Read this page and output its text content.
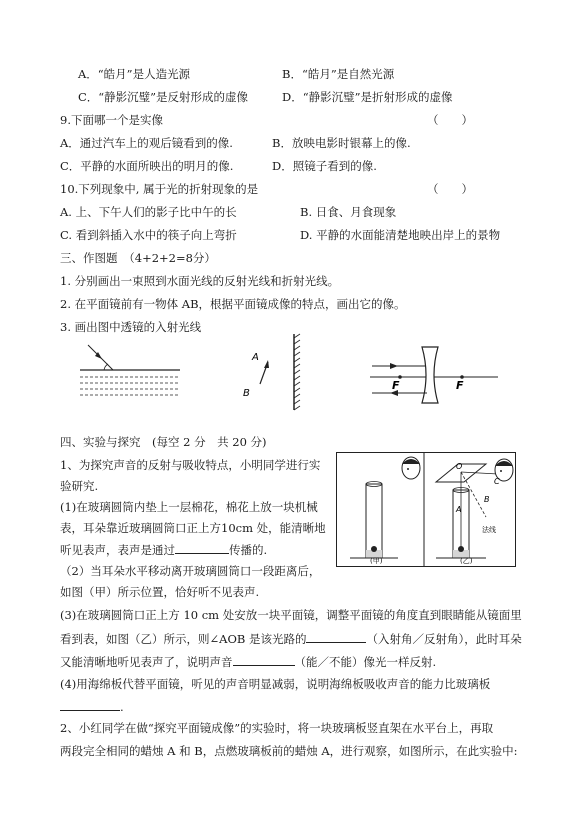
A．“皓月”是人造光源	B．“皓月”是自然光源
C．“静影沉璧”是反射形成的虚像	D．“静影沉璧”是折射形成的虚像
9.下面哪一个是实像	（　　）
A．通过汽车上的观后镜看到的像.	B．放映电影时银幕上的像.
C．平静的水面所映出的明月的像.	D．照镜子看到的像.
10.下列现象中, 属于光的折射现象的是	（　　）
A. 上、下午人们的影子比中午的长	B. 日食、月食现象
C. 看到斜插入水中的筷子向上弯折	D. 平静的水面能清楚地映出岸上的景物
三、作图题　（4+2+2=8分）
1. 分别画出一束照到水面光线的反射光线和折射光线。
2. 在平面镜前有一物体 AB，根据平面镜成像的特点，画出它的像。
3. 画出图中透镜的入射光线
A
B
F	F
四、实验与探究　(每空 2 分　共 20 分)
1、为探究声音的反射与吸收特点，小明同学进行实
验研究.
(1)在玻璃圆筒内垫上一层棉花，棉花上放一块机械
表，耳朵靠近玻璃圆筒口正上方10cm 处，能清晰地
听见表声，表声是通过	传播的.
（2）当耳朵水平移动离开玻璃圆筒口一段距离后，
如图（甲）所示位置，恰好听不见表声.
(3)在玻璃圆筒口正上方 10 cm 处安放一块平面镜，调整平面镜的角度直到眼睛能从镜面里
看到表，如图（乙）所示，则∠AOB 是该光路的	（入射角／反射角），此时耳朵
又能清晰地听见表声了，说明声音	（能／不能）像光一样反射.
(4)用海绵板代替平面镜，听见的声音明显减弱，说明海绵板吸收声音的能力比玻璃板
.
2、小红同学在做“探究平面镜成像”的实验时，将一块玻璃板竖直架在水平台上，再取
两段完全相同的蜡烛 A 和 B，点燃玻璃板前的蜡烛 A，进行观察，如图所示，在此实验中:
(甲)
O
A
B
C
法线
(乙)
